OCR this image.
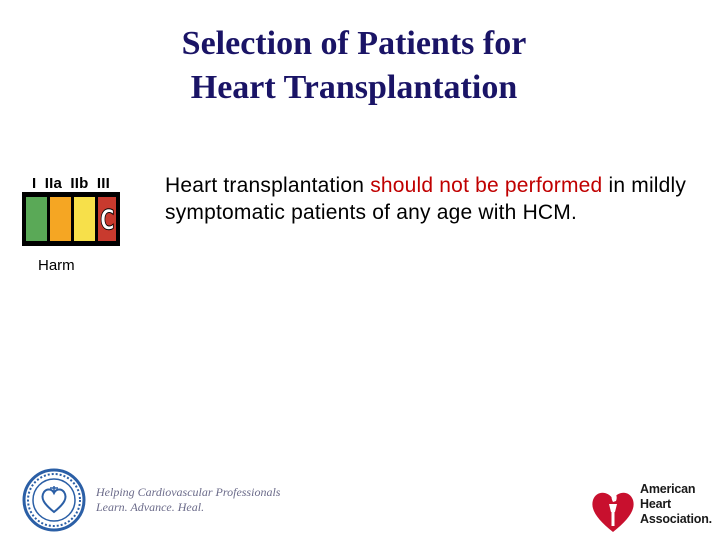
Selection of Patients for
Heart Transplantation
I IIa IIb III
C
Harm
Heart transplantation should not be performed in mildly symptomatic patients of any age with HCM.
Helping Cardiovascular Professionals
Learn. Advance. Heal.
American
Heart
Association.
